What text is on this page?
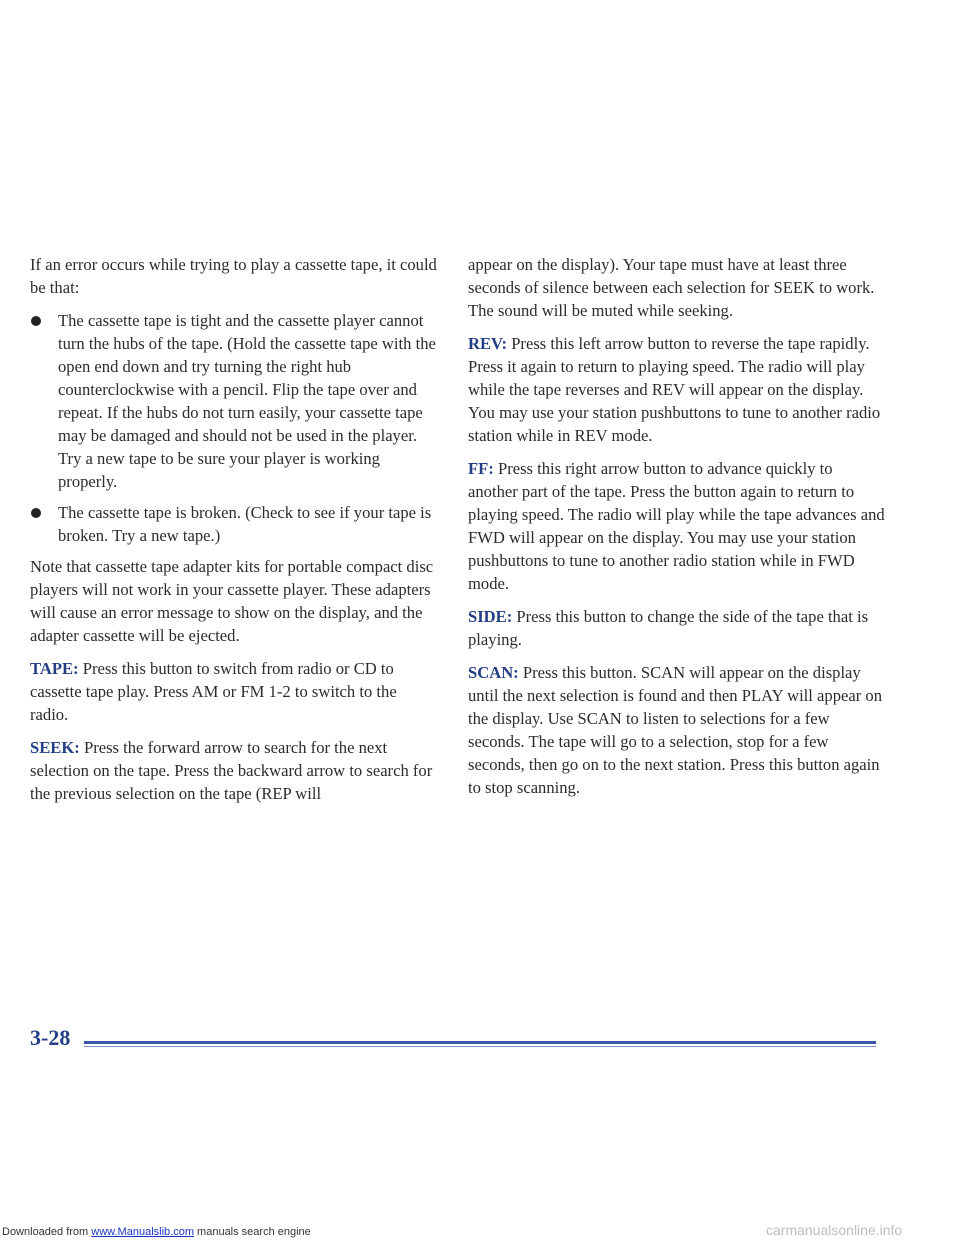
If an error occurs while trying to play a cassette tape, it could be that:

The cassette tape is tight and the cassette player cannot turn the hubs of the tape. (Hold the cassette tape with the open end down and try turning the right hub counterclockwise with a pencil. Flip the tape over and repeat. If the hubs do not turn easily, your cassette tape may be damaged and should not be used in the player. Try a new tape to be sure your player is working properly.
The cassette tape is broken. (Check to see if your tape is broken. Try a new tape.)

Note that cassette tape adapter kits for portable compact disc players will not work in your cassette player. These adapters will cause an error message to show on the display, and the adapter cassette will be ejected.

TAPE: Press this button to switch from radio or CD to cassette tape play. Press AM or FM 1-2 to switch to the radio.

SEEK: Press the forward arrow to search for the next selection on the tape. Press the backward arrow to search for the previous selection on the tape (REP will

appear on the display). Your tape must have at least three seconds of silence between each selection for SEEK to work. The sound will be muted while seeking.

REV: Press this left arrow button to reverse the tape rapidly. Press it again to return to playing speed. The radio will play while the tape reverses and REV will appear on the display. You may use your station pushbuttons to tune to another radio station while in REV mode.

FF: Press this right arrow button to advance quickly to another part of the tape. Press the button again to return to playing speed. The radio will play while the tape advances and FWD will appear on the display. You may use your station pushbuttons to tune to another radio station while in FWD mode.

SIDE: Press this button to change the side of the tape that is playing.

SCAN: Press this button. SCAN will appear on the display until the next selection is found and then PLAY will appear on the display. Use SCAN to listen to selections for a few seconds. The tape will go to a selection, stop for a few seconds, then go on to the next station. Press this button again to stop scanning.

3-28
Downloaded from www.Manualslib.com manuals search engine	carmanualsonline.info
